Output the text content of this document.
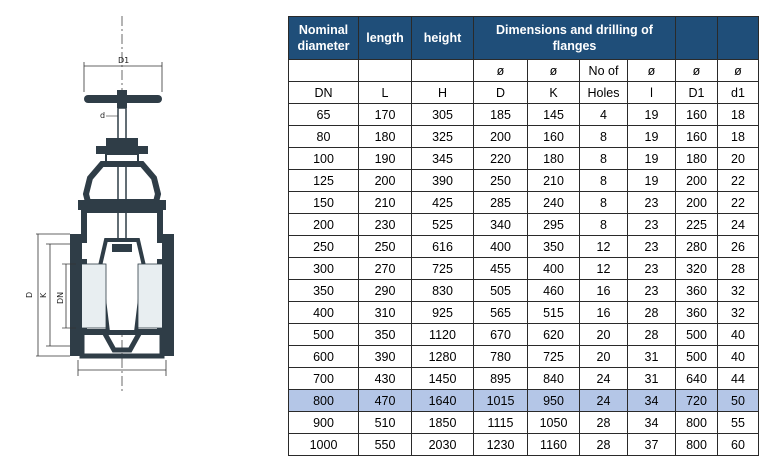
D1
d
D K DN
Nominal diameter	length	height	Dimensions and drilling of flanges					
			ø	ø	No of	ø	ø	ø
DN	L	H	D	K	Holes	l	D1	d1
65	170	305	185	145	4	19	160	18
80	180	325	200	160	8	19	160	18
100	190	345	220	180	8	19	180	20
125	200	390	250	210	8	19	200	22
150	210	425	285	240	8	23	200	22
200	230	525	340	295	8	23	225	24
250	250	616	400	350	12	23	280	26
300	270	725	455	400	12	23	320	28
350	290	830	505	460	16	23	360	32
400	310	925	565	515	16	28	360	32
500	350	1120	670	620	20	28	500	40
600	390	1280	780	725	20	31	500	40
700	430	1450	895	840	24	31	640	44
800	470	1640	1015	950	24	34	720	50
900	510	1850	1115	1050	28	34	800	55
1000	550	2030	1230	1160	28	37	800	60
